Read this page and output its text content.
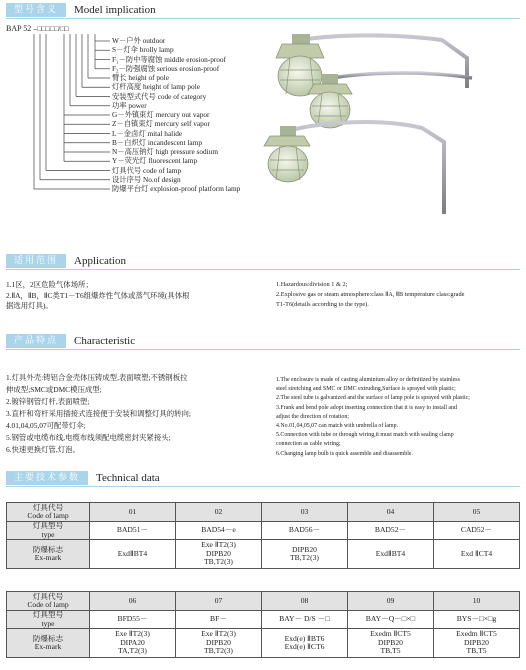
型号含义	Model implication
BAP 52 –□□□□□/□□
W－户外 outdoor
S－灯伞 brolly lamp
F₁－防中等腐蚀 middle erosion-proof
F₂－防强腐蚀 serious erosion-proof
臂长 height of pole
灯杆高度 height of lamp pole
安装型式代号 code of category
功率 power
G－外镇束灯 mercury out vapor
Z－自镇束灯 mercury self vapor
L－金卤灯 mital halide
B－白炽灯 incandescent lamp
N－高压钠灯 high pressure sodium
Y－荧光灯 fluorescent lamp
灯具代号 code of lamp
设计序号 No.of design
防爆平台灯 explosion-proof platform lamp
适用范围	Application

1.1区，2区危险气体场所；

2.ⅡA，ⅡB，ⅡC类T1－T6组爆炸性气体或蒸气环境(具体根

据选用灯具)。

1.Hazardous:division 1 & 2;

2.Explosive gas or steam atmosphere:class ⅡA, ⅡB temperature class:grade

T1-T6(details according to the type).

产品特点	Characteristic

1.灯具外壳:铸铝合金壳体压铸成型,表面喷塑;不锈钢板拉

伸成型;SMC或DMC模压成型;

2.镀锌钢管灯杆,表面喷塑;

3.直杆和弯杆采用插接式连接便于安装和调整灯具的转向;

4.01,04,05,07可配带灯伞;

5.钢管或电缆布线,电缆布线须配电缆密封夹紧接头;

6.快速更换灯管,灯泡。

1.The enclosure is made of casting aluminium alloy or definitized by stainless

steel stretching and SMC or DMC extruding,Surface is sprayed with plastic;

2.The steel tube is galvanized and the surface of lamp pole is sprayed with plastic;

3.Frank and bend pole adopt inserting connection that it is easy to install and

adjust the direction of rotation;

4.No.01,04,05,07 can match with umbrella of lamp.

5.Connection with tube or through wiring,it must match with sealing clamp

connection as cable wiring;

6.Changing lamp bulb is quick assemble and disassemble.

主要技术参数	Technical data
灯具代号
Code of lamp	01	02	03	04	05
灯具型号
type	BAD51－	BAD54－e	BAD56－	BAD52－	CAD52－
防爆标志
Ex-mark	ExdⅡBT4	Exe ⅡT2(3)
DIPB20
TB,T2(3)	DIPB20
TB,T2(3)	ExdⅡBT4	Exd ⅡCT4
灯具代号
Code of lamp	06	07	08	09	10
灯具型号
type	BFD55－	BF－	BAY－ D/S －□	BAY－Q－□×□	BYS－□×□g
防爆标志
Ex-mark	Exe ⅡT2(3)
DIPA20
TA,T2(3)	Exe ⅡT2(3)
DIPB20
TB,T2(3)	Exd(e) ⅡBT6
Exd(e) ⅡCT6	Exedm ⅡCT5
DIPB20
TB,T5	Exedm ⅡCT5
DIPB20
TB,T5
